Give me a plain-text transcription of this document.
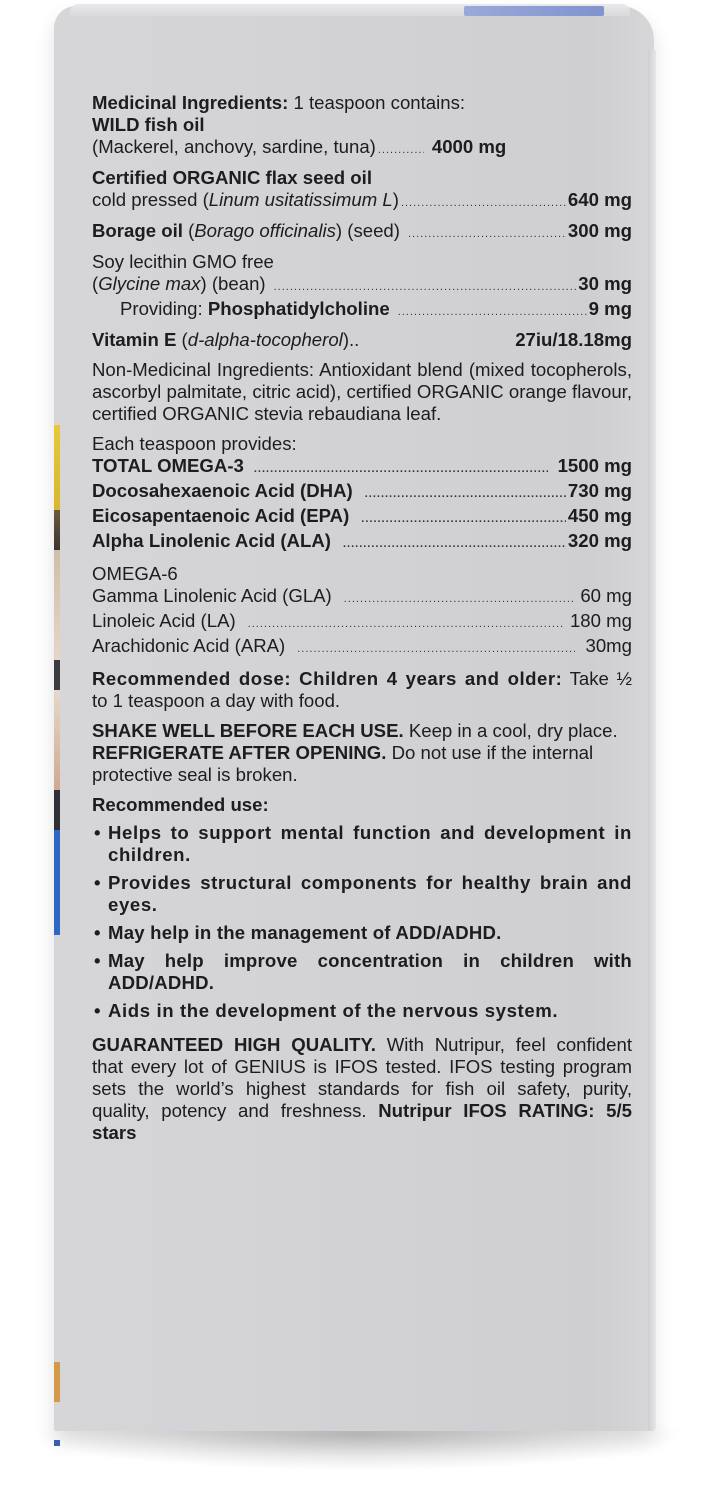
Medicinal Ingredients: 1 teaspoon contains:
WILD fish oil
(Mackerel, anchovy, sardine, tuna) .....	4000 mg
Certified ORGANIC flax seed oil
cold pressed (Linum usitatissimum L) .....	640 mg
Borage oil (Borago officinalis) (seed) .....	300 mg
Soy lecithin GMO free
(Glycine max) (bean) .....	30 mg
Providing: Phosphatidylcholine .....	9 mg
Vitamin E (d-alpha-tocopherol)..	27iu/18.18mg
Non-Medicinal Ingredients: Antioxidant blend (mixed tocopherols, ascorbyl palmitate, citric acid), certified ORGANIC orange flavour, certified ORGANIC stevia rebaudiana leaf.
Each teaspoon provides:
TOTAL OMEGA-3 .....	1500 mg
Docosahexaenoic Acid (DHA) .....	730 mg
Eicosapentaenoic Acid (EPA) .....	450 mg
Alpha Linolenic Acid (ALA) .....	320 mg
OMEGA-6
Gamma Linolenic Acid (GLA) .....	60 mg
Linoleic Acid (LA) .....	180 mg
Arachidonic Acid (ARA) .....	30mg
Recommended dose: Children 4 years and older: Take ½ to 1 teaspoon a day with food.
SHAKE WELL BEFORE EACH USE. Keep in a cool, dry place. REFRIGERATE AFTER OPENING. Do not use if the internal protective seal is broken.
Recommended use:
• Helps to support mental function and development in children.
• Provides structural components for healthy brain and eyes.
• May help in the management of ADD/ADHD.
• May help improve concentration in children with ADD/ADHD.
• Aids in the development of the nervous system.
GUARANTEED HIGH QUALITY. With Nutripur, feel confident that every lot of GENIUS is IFOS tested. IFOS testing program sets the world’s highest standards for fish oil safety, purity, quality, potency and freshness. Nutripur IFOS RATING: 5/5 stars
